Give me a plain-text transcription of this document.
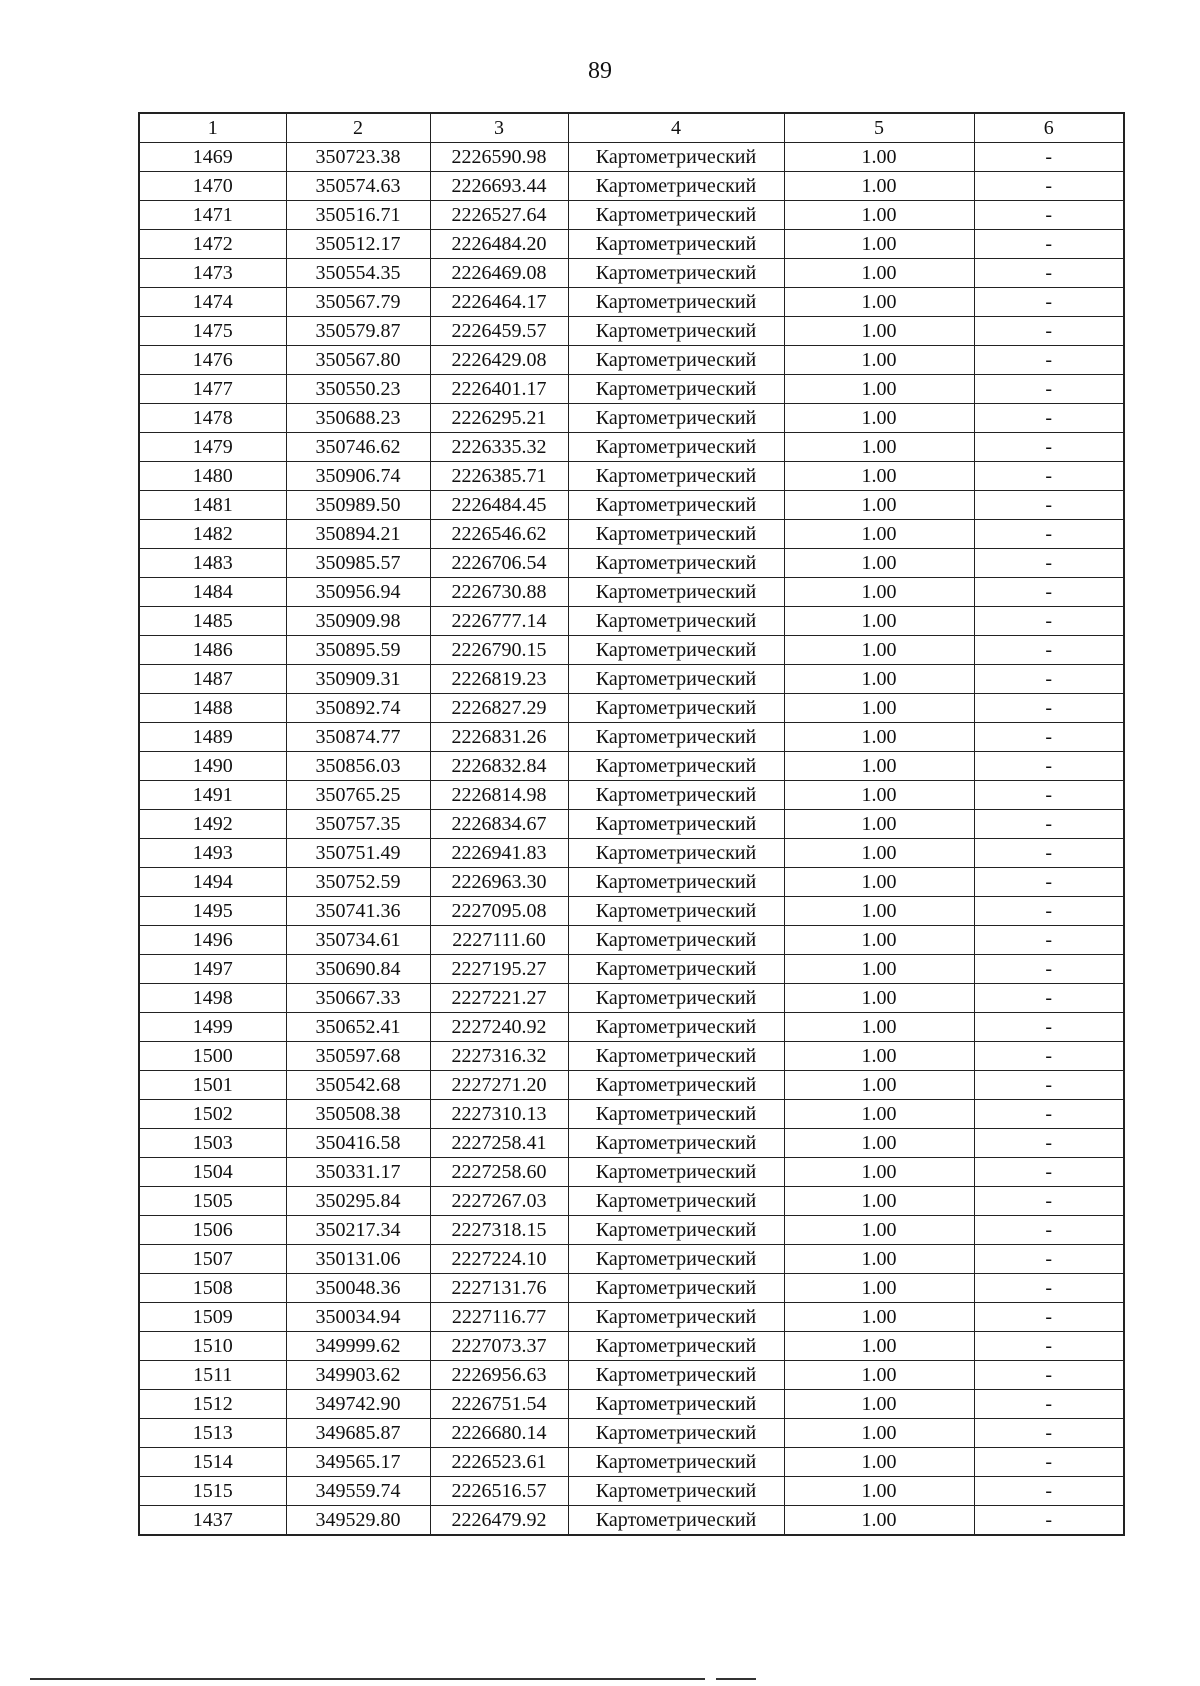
89
1	2	3	4	5	6
1469	350723.38	2226590.98	Картометрический	1.00	-
1470	350574.63	2226693.44	Картометрический	1.00	-
1471	350516.71	2226527.64	Картометрический	1.00	-
1472	350512.17	2226484.20	Картометрический	1.00	-
1473	350554.35	2226469.08	Картометрический	1.00	-
1474	350567.79	2226464.17	Картометрический	1.00	-
1475	350579.87	2226459.57	Картометрический	1.00	-
1476	350567.80	2226429.08	Картометрический	1.00	-
1477	350550.23	2226401.17	Картометрический	1.00	-
1478	350688.23	2226295.21	Картометрический	1.00	-
1479	350746.62	2226335.32	Картометрический	1.00	-
1480	350906.74	2226385.71	Картометрический	1.00	-
1481	350989.50	2226484.45	Картометрический	1.00	-
1482	350894.21	2226546.62	Картометрический	1.00	-
1483	350985.57	2226706.54	Картометрический	1.00	-
1484	350956.94	2226730.88	Картометрический	1.00	-
1485	350909.98	2226777.14	Картометрический	1.00	-
1486	350895.59	2226790.15	Картометрический	1.00	-
1487	350909.31	2226819.23	Картометрический	1.00	-
1488	350892.74	2226827.29	Картометрический	1.00	-
1489	350874.77	2226831.26	Картометрический	1.00	-
1490	350856.03	2226832.84	Картометрический	1.00	-
1491	350765.25	2226814.98	Картометрический	1.00	-
1492	350757.35	2226834.67	Картометрический	1.00	-
1493	350751.49	2226941.83	Картометрический	1.00	-
1494	350752.59	2226963.30	Картометрический	1.00	-
1495	350741.36	2227095.08	Картометрический	1.00	-
1496	350734.61	2227111.60	Картометрический	1.00	-
1497	350690.84	2227195.27	Картометрический	1.00	-
1498	350667.33	2227221.27	Картометрический	1.00	-
1499	350652.41	2227240.92	Картометрический	1.00	-
1500	350597.68	2227316.32	Картометрический	1.00	-
1501	350542.68	2227271.20	Картометрический	1.00	-
1502	350508.38	2227310.13	Картометрический	1.00	-
1503	350416.58	2227258.41	Картометрический	1.00	-
1504	350331.17	2227258.60	Картометрический	1.00	-
1505	350295.84	2227267.03	Картометрический	1.00	-
1506	350217.34	2227318.15	Картометрический	1.00	-
1507	350131.06	2227224.10	Картометрический	1.00	-
1508	350048.36	2227131.76	Картометрический	1.00	-
1509	350034.94	2227116.77	Картометрический	1.00	-
1510	349999.62	2227073.37	Картометрический	1.00	-
1511	349903.62	2226956.63	Картометрический	1.00	-
1512	349742.90	2226751.54	Картометрический	1.00	-
1513	349685.87	2226680.14	Картометрический	1.00	-
1514	349565.17	2226523.61	Картометрический	1.00	-
1515	349559.74	2226516.57	Картометрический	1.00	-
1437	349529.80	2226479.92	Картометрический	1.00	-
